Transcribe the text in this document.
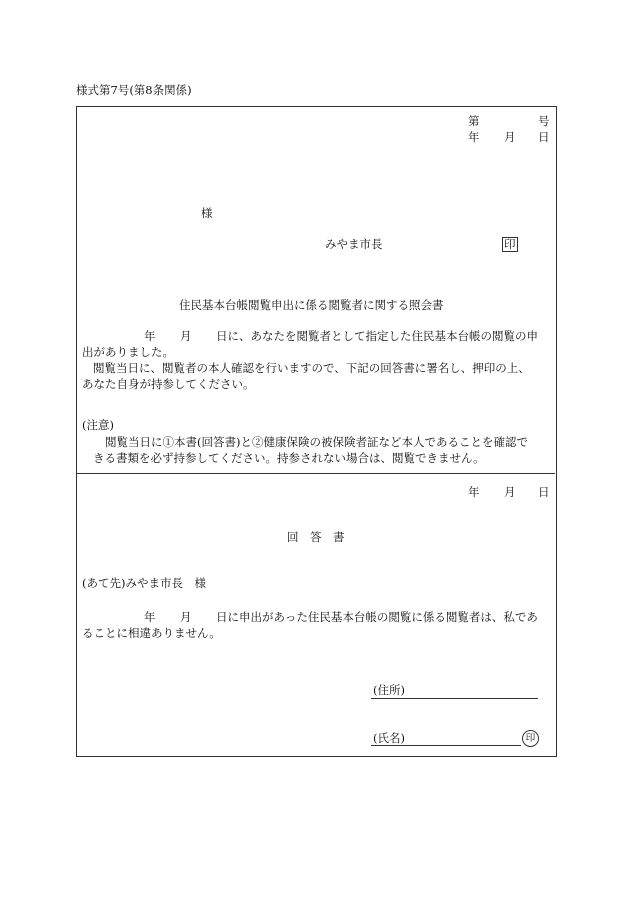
様式第7号(第8条関係)
第	号
年 月 日
様
みやま市長	印
住民基本台帳閲覧申出に係る閲覧者に関する照会書
年 月 日に、あなたを閲覧者として指定した住民基本台帳の閲覧の申
出がありました。
閲覧当日に、閲覧者の本人確認を行いますので、下記の回答書に署名し、押印の上、
あなた自身が持参してください。
(注意)
閲覧当日に①本書(回答書)と②健康保険の被保険者証など本人であることを確認で
きる書類を必ず持参してください。持参されない場合は、閲覧できません。
年 月 日
回　答　書
(あて先)みやま市長　様
年 月 日に申出があった住民基本台帳の閲覧に係る閲覧者は、私であ
ることに相違ありません。
(住所)
(氏名)	印
